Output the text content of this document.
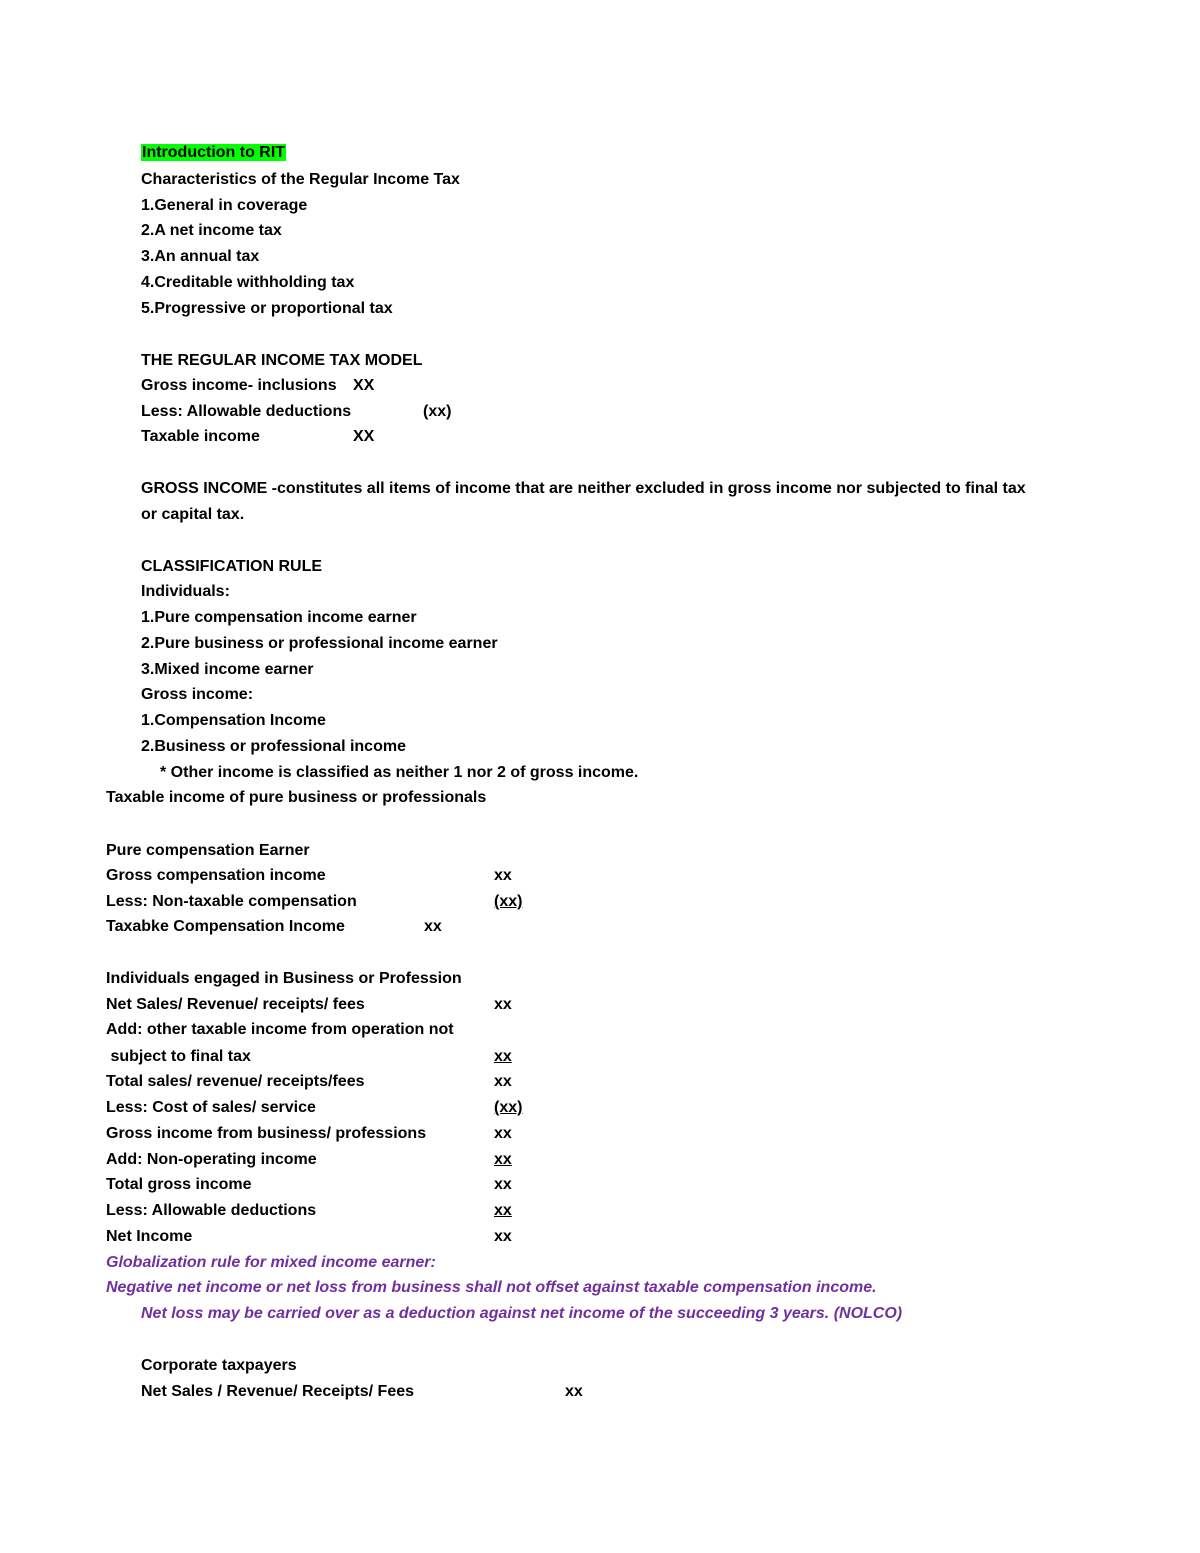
Introduction to RIT
Characteristics of the Regular Income Tax
1.General in coverage
2.A net income tax
3.An annual tax
4.Creditable withholding tax
5.Progressive or proportional tax
THE REGULAR INCOME TAX MODEL
Gross income- inclusions XX
Less: Allowable deductions	(xx)
Taxable income	XX
GROSS INCOME -constitutes all items of income that are neither excluded in gross income nor subjected to final tax
or capital tax.
CLASSIFICATION RULE
Individuals:
1.Pure compensation income earner
2.Pure business or professional income earner
3.Mixed income earner
Gross income:
1.Compensation Income
2.Business or professional income
* Other income is classified as neither 1 nor 2 of gross income.
Taxable income of pure business or professionals
Pure compensation Earner
Gross compensation income	xx
Less: Non-taxable compensation	(xx)
Taxabke Compensation Income	xx
Individuals engaged in Business or Profession
Net Sales/ Revenue/ receipts/ fees	xx
Add: other taxable income from operation not
subject to final tax	xx
Total sales/ revenue/ receipts/fees	xx
Less: Cost of sales/ service	(xx)
Gross income from business/ professions	xx
Add: Non-operating income	xx
Total gross income	xx
Less: Allowable deductions	xx
Net Income	xx
Globalization rule for mixed income earner:
Negative net income or net loss from business shall not offset against taxable compensation income.
Net loss may be carried over as a deduction against net income of the succeeding 3 years. (NOLCO)
Corporate taxpayers
Net Sales / Revenue/ Receipts/ Fees	xx
